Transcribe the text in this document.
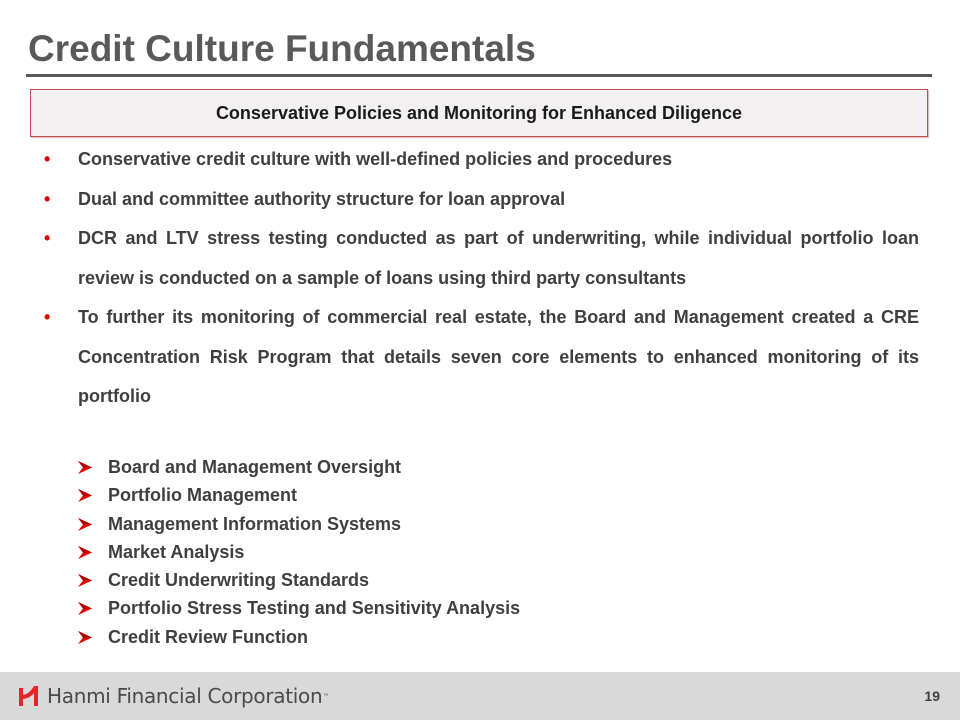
Credit Culture Fundamentals
Conservative Policies and Monitoring for Enhanced Diligence
• Conservative credit culture with well-defined policies and procedures
• Dual and committee authority structure for loan approval
• DCR and LTV stress testing conducted as part of underwriting, while individual portfolio loan review is conducted on a sample of loans using third party consultants
• To further its monitoring of commercial real estate, the Board and Management created a CRE Concentration Risk Program that details seven core elements to enhanced monitoring of its portfolio
Board and Management Oversight
Portfolio Management
Management Information Systems
Market Analysis
Credit Underwriting Standards
Portfolio Stress Testing and Sensitivity Analysis
Credit Review Function
Hanmi Financial Corporation ™	19
